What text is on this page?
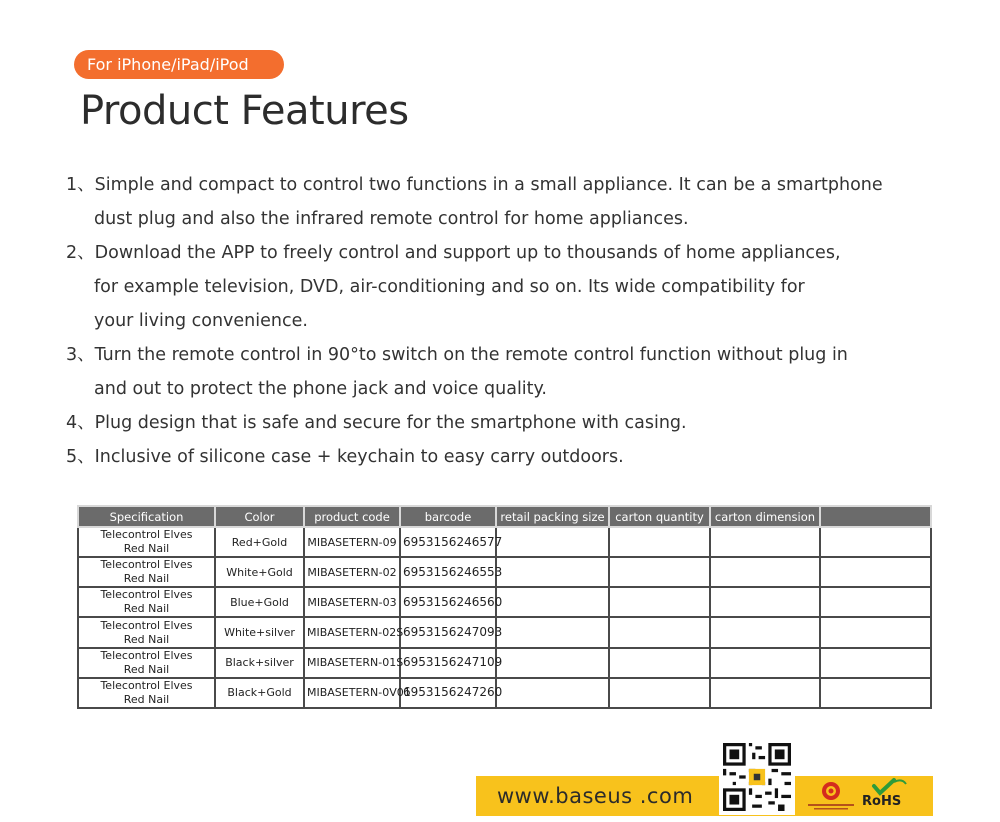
For iPhone/iPad/iPod
Product Features
1、Simple and compact to control two functions in a small appliance. It can be a smartphone
dust plug and also the infrared remote control for home appliances.
2、Download the APP to freely control and support up to thousands of home appliances,
for example television, DVD, air-conditioning and so on. Its wide compatibility for
your living convenience.
3、Turn the remote control in 90°to switch on the remote control function without plug in
and out to protect the phone jack and voice quality.
4、Plug design that is safe and secure for the smartphone with casing.
5、Inclusive of silicone case + keychain to easy carry outdoors.
Specification	Color	product code	barcode	retail packing size	carton quantity	carton dimension	
Telecontrol Elves
Red Nail	Red+Gold	MIBASETERN-09	6953156246577				
Telecontrol Elves
Red Nail	White+Gold	MIBASETERN-02	6953156246553				
Telecontrol Elves
Red Nail	Blue+Gold	MIBASETERN-03	6953156246560				
Telecontrol Elves
Red Nail	White+silver	MIBASETERN-02S	6953156247093				
Telecontrol Elves
Red Nail	Black+silver	MIBASETERN-01S	6953156247109				
Telecontrol Elves
Red Nail	Black+Gold	MIBASETERN-0V01	6953156247260				
www.baseus .com	RoHS
